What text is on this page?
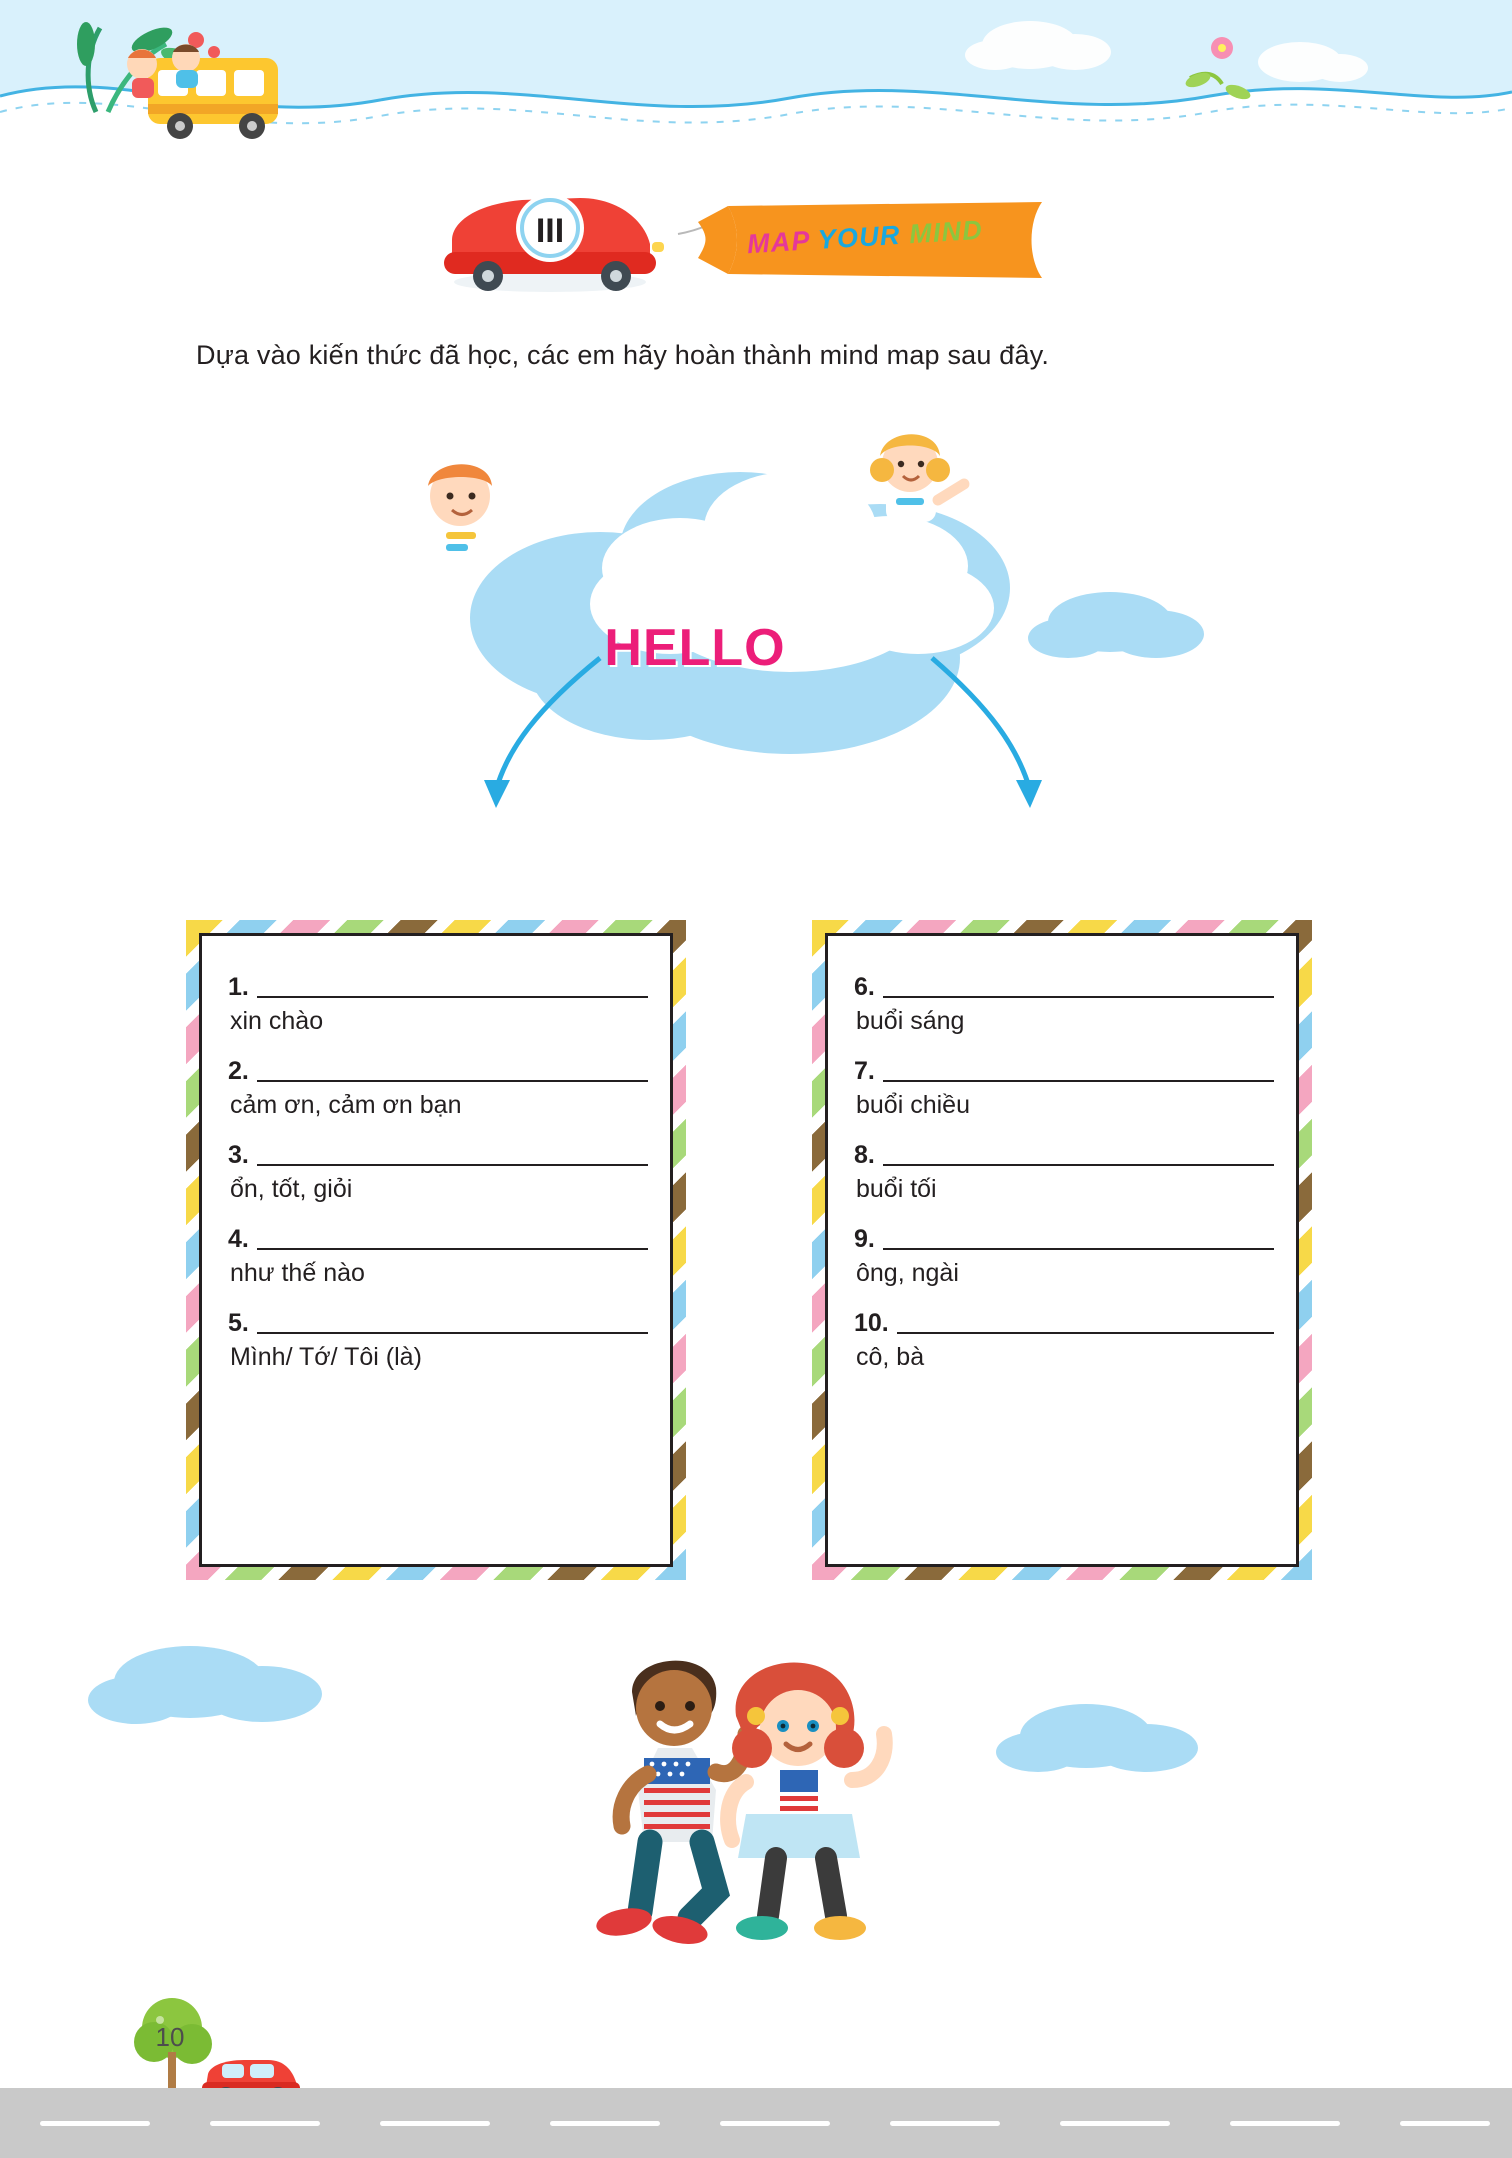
III	MAP YOUR MIND
Dựa vào kiến thức đã học, các em hãy hoàn thành mind map sau đây.
HELLO
1.
xin chào
2.
cảm ơn, cảm ơn bạn
3.
ổn, tốt, giỏi
4.
như thế nào
5.
Mình/ Tớ/ Tôi (là)
6.
buổi sáng
7.
buổi chiều
8.
buổi tối
9.
ông, ngài
10.
cô, bà
10
